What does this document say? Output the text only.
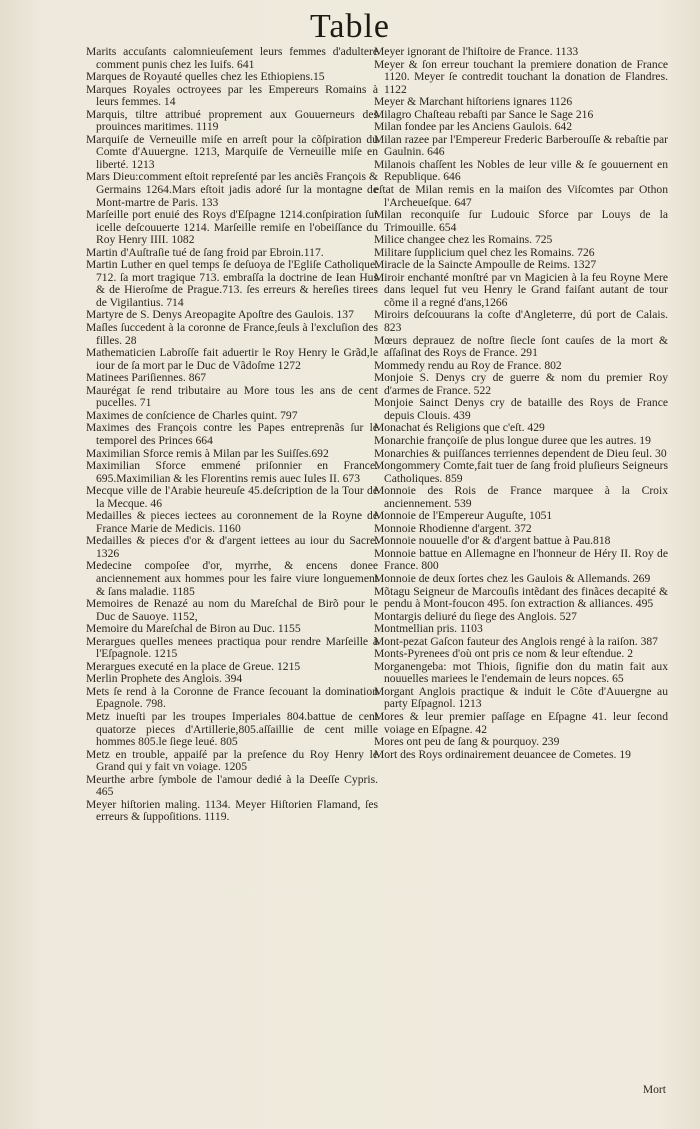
Table

Marits accuſants calomnieuſement leurs femmes d'adultere comment punis chez les Iuifs. 641

Marques de Royauté quelles chez les Ethiopiens.15

Marques Royales octroyees par les Empereurs Romains à leurs femmes. 14

Marquis, tiltre attribué proprement aux Gouuerneurs des prouinces maritimes. 1119

Marquiſe de Verneuille miſe en arreſt pour la cõſpiration du Comte d'Auuergne. 1213, Marquiſe de Verneuille miſe en liberté. 1213

Mars Dieu:comment eſtoit repreſenté par les anciẽs François & Germains 1264.Mars eſtoit jadis adoré ſur la montagne de Mont-martre de Paris. 133

Marſeille port enuié des Roys d'Eſpagne 1214.conſpiration ſur icelle deſcouuerte 1214. Marſeille remiſe en l'obeiſſance du Roy Henry IIII. 1082

Martin d'Auſtraſie tué de ſang froid par Ebroin.117.

Martin Luther en quel temps ſe deſuoya de l'Egliſe Catholique. 712. ſa mort tragique 713. embraſſa la doctrine de Iean Hus & de Hieroſme de Prague.713. ſes erreurs & hereſies tirees de Vigilantius. 714

Martyre de S. Denys Areopagite Apoſtre des Gaulois. 137

Maſles ſuccedent à la coronne de France,ſeuls à l'excluſion des filles. 28

Mathematicien Labroſſe fait aduertir le Roy Henry le Grãd,le iour de ſa mort par le Duc de Vãdoſme 1272

Matinees Pariſiennes. 867

Maurégat ſe rend tributaire au More tous les ans de cent pucelles. 71

Maximes de conſcience de Charles quint. 797

Maximes des François contre les Papes entreprenãs ſur le temporel des Princes 664

Maximilian Sforce remis à Milan par les Suiſſes.692

Maximilian Sforce emmené priſonnier en France. 695.Maximilian & les Florentins remis auec Iules II. 673

Mecque ville de l'Arabie heureuſe 45.deſcription de la Tour de la Mecque. 46

Medailles & pieces iectees au coronnement de la Royne de France Marie de Medicis. 1160

Medailles & pieces d'or & d'argent iettees au iour du Sacre. 1326

Medecine compoſee d'or, myrrhe, & encens donee anciennement aux hommes pour les faire viure longuement & ſans maladie. 1185

Memoires de Renazé au nom du Mareſchal de Birõ pour le Duc de Sauoye. 1152,

Memoire du Mareſchal de Biron au Duc. 1155

Merargues quelles menees practiqua pour rendre Marſeille à l'Eſpagnole. 1215

Merargues executé en la place de Greue. 1215

Merlin Prophete des Anglois. 394

Mets ſe rend à la Coronne de France ſecouant la domination Epagnole. 798.

Metz inueſti par les troupes Imperiales 804.battue de cent quatorze pieces d'Artillerie,805.aſſaillie de cent mille hommes 805.le ſiege leué. 805

Metz en trouble, appaiſé par la preſence du Roy Henry le Grand qui y fait vn voiage. 1205

Meurthe arbre ſymbole de l'amour dedié à la Deeſſe Cypris. 465

Meyer hiſtorien maling. 1134. Meyer Hiſtorien Flamand, ſes erreurs & ſuppoſitions. 1119.

Meyer ignorant de l'hiſtoire de France. 1133

Meyer & ſon erreur touchant la premiere donation de France 1120. Meyer ſe contredit touchant la donation de Flandres. 1122

Meyer & Marchant hiſtoriens ignares 1126

Milagro Chaſteau rebaſti par Sance le Sage 216

Milan fondee par les Anciens Gaulois. 642

Milan razee par l'Empereur Frederic Barberouſſe & rebaſtie par Gaulnin. 646

Milanois chaſſent les Nobles de leur ville & ſe gouuernent en Republique. 646

eſtat de Milan remis en la maiſon des Viſcomtes par Othon l'Archeueſque. 647

Milan reconquiſe ſur Ludouic Sforce par Louys de la Trimouille. 654

Milice changee chez les Romains. 725

Militare ſupplicium quel chez les Romains. 726

Miracle de la Saincte Ampoulle de Reims. 1327

Miroir enchanté monſtré par vn Magicien à la feu Royne Mere dans lequel fut veu Henry le Grand faiſant autant de tour cõme il a regné d'ans,1266

Miroirs deſcouurans la coſte d'Angleterre, dú port de Calais. 823

Mœurs deprauez de noſtre ſiecle ſont cauſes de la mort & aſſaſinat des Roys de France. 291

Mommedy rendu au Roy de France. 802

Monjoie S. Denys cry de guerre & nom du premier Roy d'armes de France. 522

Monjoie Sainct Denys cry de bataille des Roys de France depuis Clouis. 439

Monachat és Religions que c'eſt. 429

Monarchie françoiſe de plus longue duree que les autres. 19

Monarchies & puiſſances terriennes dependent de Dieu ſeul. 30

Mongommery Comte,fait tuer de ſang froid pluſieurs Seigneurs Catholiques. 859

Monnoie des Rois de France marquee à la Croix anciennement. 539

Monnoie de l'Empereur Auguſte, 1051

Monnoie Rhodienne d'argent. 372

Monnoie nouuelle d'or & d'argent battue à Pau.818

Monnoie battue en Allemagne en l'honneur de Héry II. Roy de France. 800

Monnoie de deux ſortes chez les Gaulois & Allemands. 269

Mõtagu Seigneur de Marcouſis intẽdant des finãces decapité & pendu à Mont-foucon 495. ſon extraction & alliances. 495

Montargis deliuré du ſiege des Anglois. 527

Montmellian pris. 1103

Mont-pezat Gaſcon fauteur des Anglois rengé à la raiſon. 387

Monts-Pyrenees d'où ont pris ce nom & leur eſtendue. 2

Morganengeba: mot Thiois, ſignifie don du matin fait aux nouuelles mariees le l'endemain de leurs nopces. 65

Morgant Anglois practique & induit le Côte d'Auuergne au party Eſpagnol. 1213

Mores & leur premier paſſage en Eſpagne 41. leur ſecond voiage en Eſpagne. 42

Mores ont peu de ſang & pourquoy. 239

Mort des Roys ordinairement deuancee de Cometes. 19

Mort
